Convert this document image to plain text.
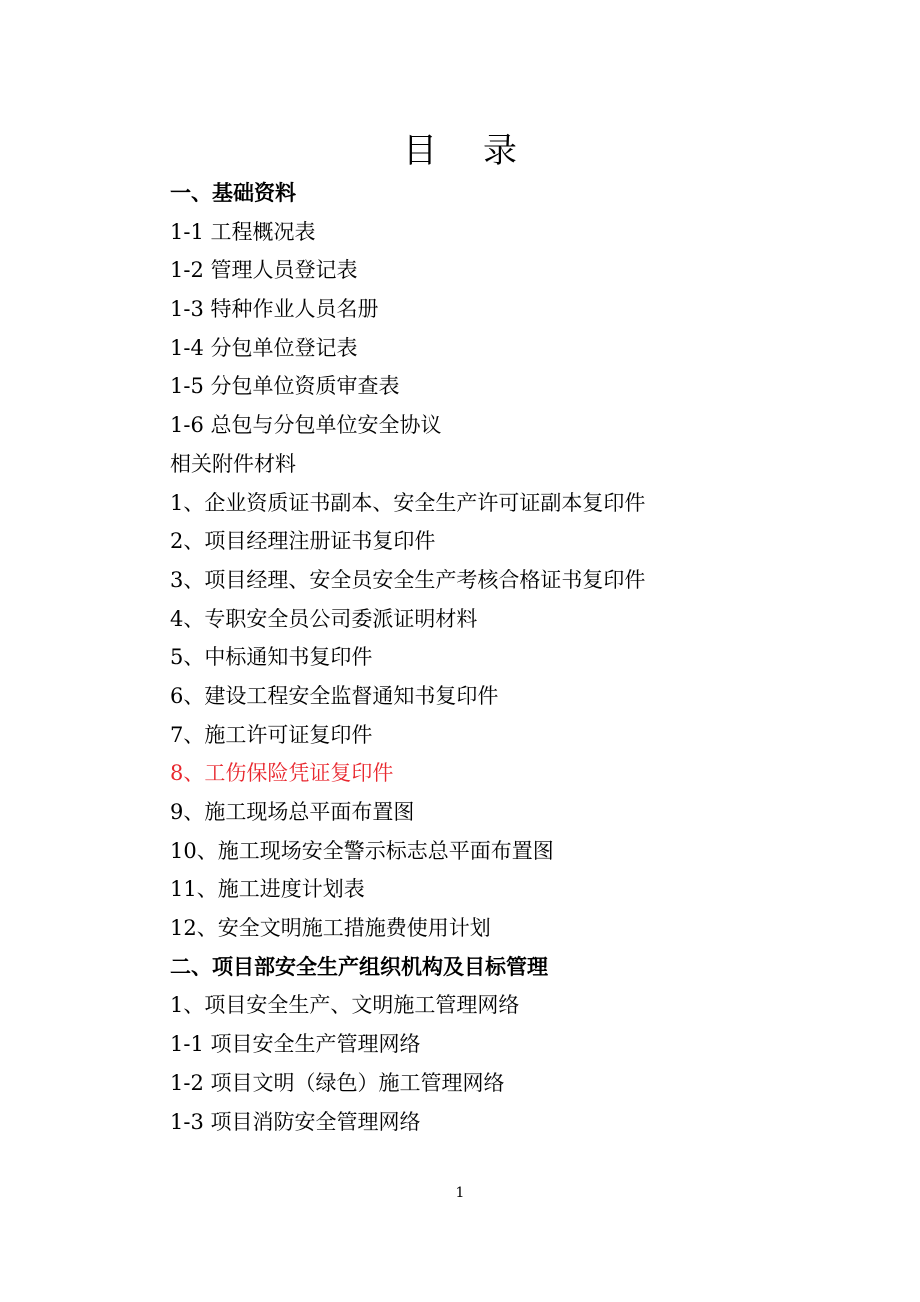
目录
一、基础资料
1-1 工程概况表
1-2 管理人员登记表
1-3 特种作业人员名册
1-4 分包单位登记表
1-5 分包单位资质审查表
1-6 总包与分包单位安全协议
相关附件材料
1、企业资质证书副本、安全生产许可证副本复印件
2、项目经理注册证书复印件
3、项目经理、安全员安全生产考核合格证书复印件
4、专职安全员公司委派证明材料
5、中标通知书复印件
6、建设工程安全监督通知书复印件
7、施工许可证复印件
8、工伤保险凭证复印件
9、施工现场总平面布置图
10、施工现场安全警示标志总平面布置图
11、施工进度计划表
12、安全文明施工措施费使用计划
二、项目部安全生产组织机构及目标管理
1、项目安全生产、文明施工管理网络
1-1 项目安全生产管理网络
1-2 项目文明（绿色）施工管理网络
1-3 项目消防安全管理网络
1
